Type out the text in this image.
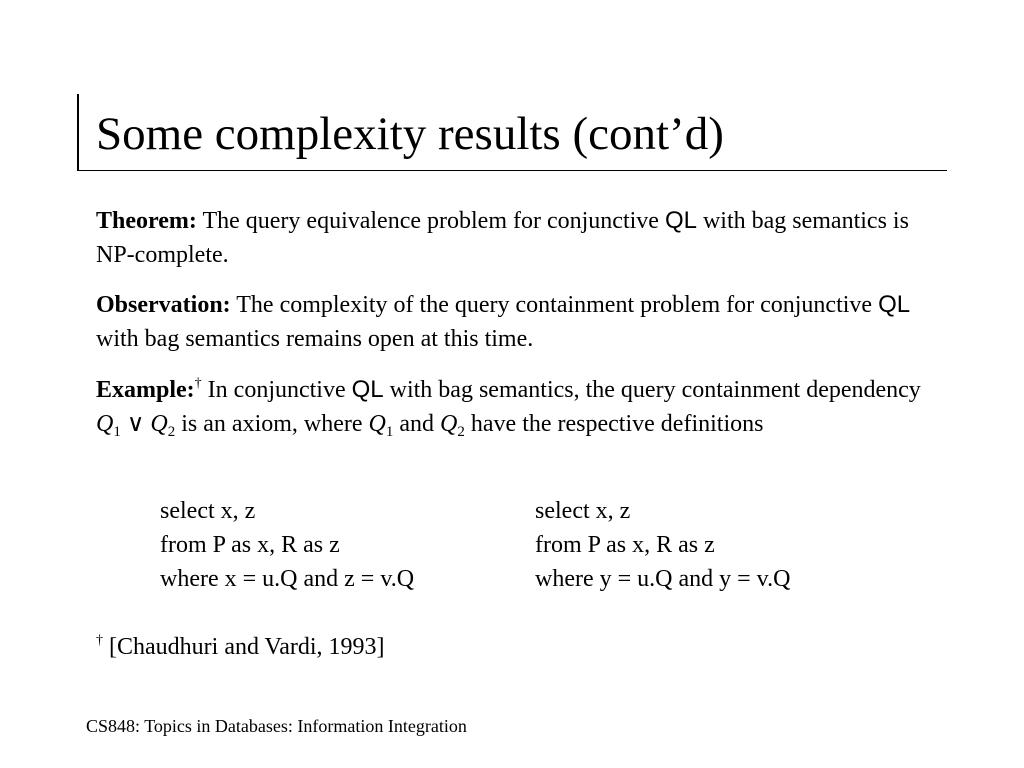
Some complexity results (cont’d)
Theorem: The query equivalence problem for conjunctive QL with bag semantics is NP-complete.
Observation: The complexity of the query containment problem for conjunctive QL with bag semantics remains open at this time.
Example:† In conjunctive QL with bag semantics, the query containment dependency $Q_1$ ∨ $Q_2$ is an axiom, where $Q_1$ and $Q_2$ have the respective definitions
select x, z
from P as x, R as z
where x = u.Q and z = v.Q
select x, z
from P as x, R as z
where y = u.Q and y = v.Q
† [Chaudhuri and Vardi, 1993]
CS848: Topics in Databases: Information Integration
